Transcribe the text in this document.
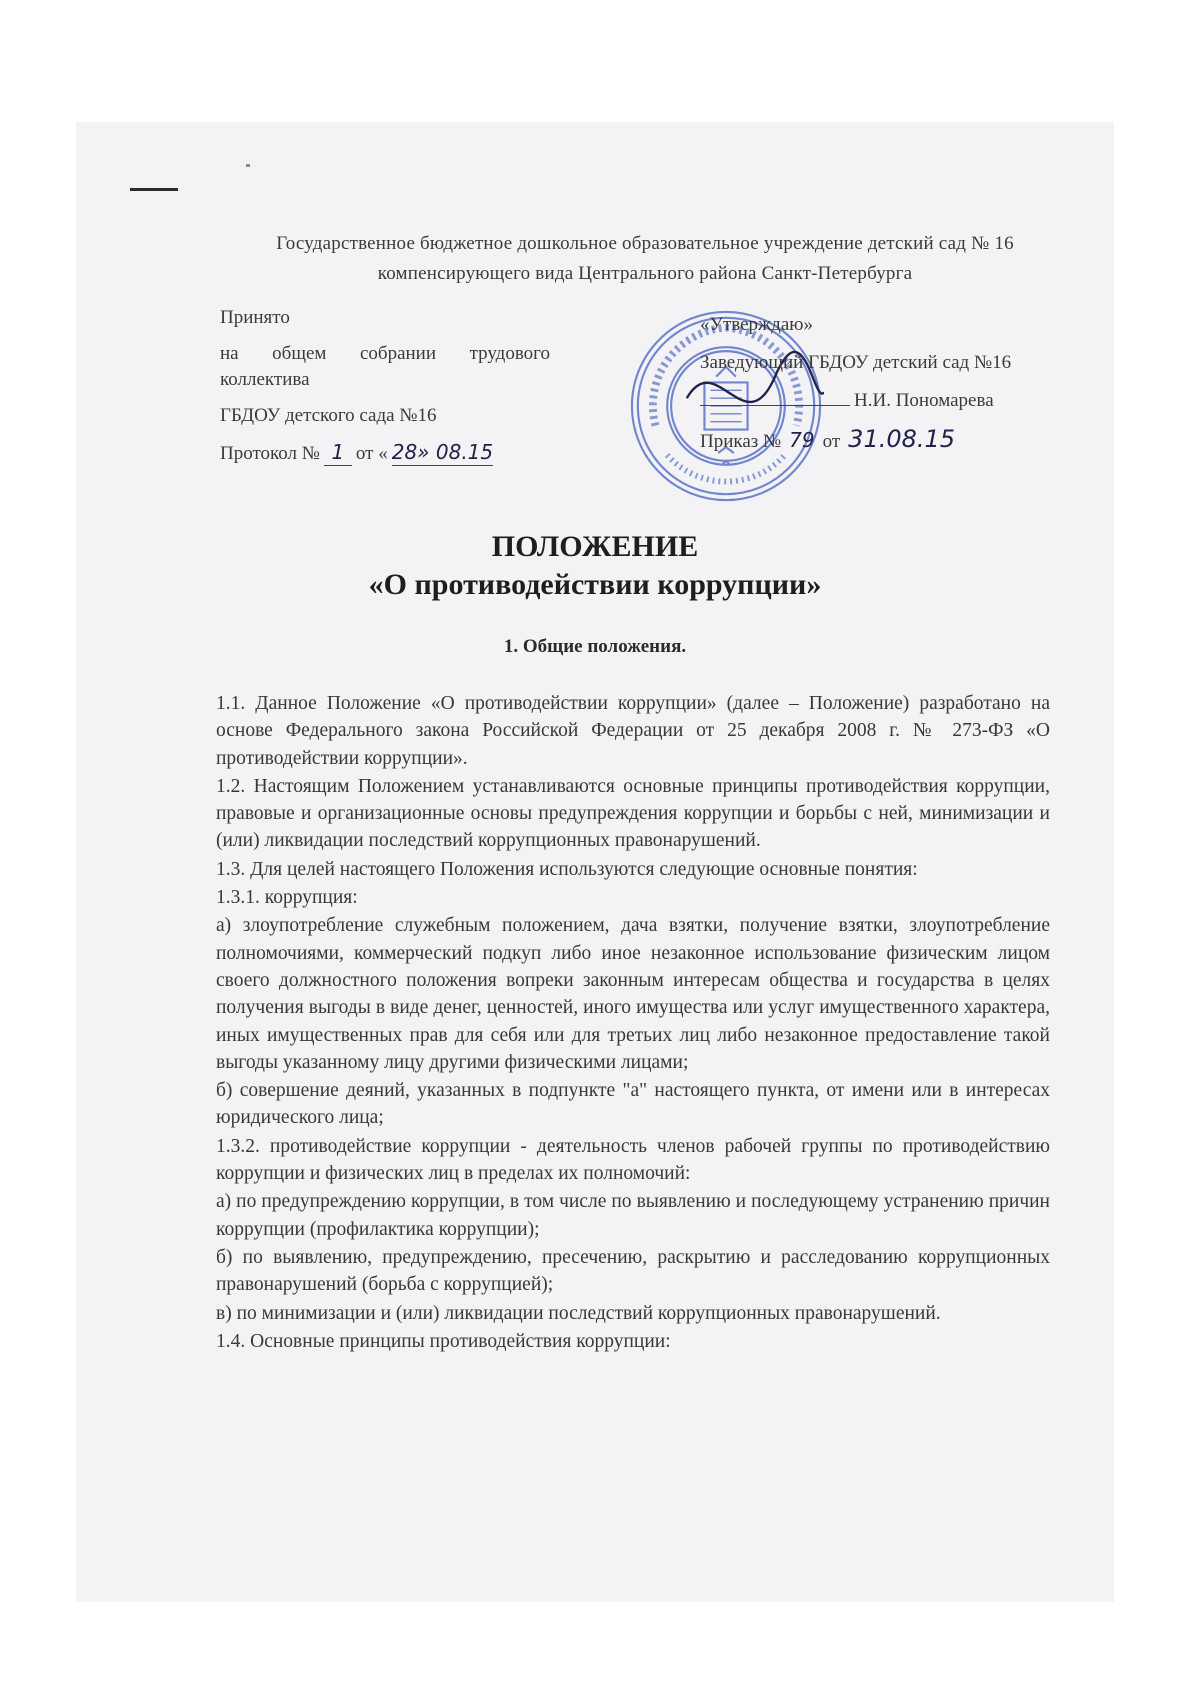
Государственное бюджетное дошкольное образовательное учреждение детский сад № 16
компенсирующего вида Центрального района Санкт-Петербурга
Принято
на общем собрании трудового
коллектива
ГБДОУ детского сада №16
Протокол № 1 от « 28» 08.15
«Утверждаю»
Заведующий ГБДОУ детский сад №16
Н.И. Пономарева
Приказ № 79 от 31.08.15
ПОЛОЖЕНИЕ
«О противодействии коррупции»
1. Общие положения.

1.1. Данное Положение «О противодействии коррупции» (далее – Положение) разработано на основе Федерального закона Российской Федерации от 25 декабря 2008 г. № 273-ФЗ «О противодействии коррупции».

1.2. Настоящим Положением устанавливаются основные принципы противодействия коррупции, правовые и организационные основы предупреждения коррупции и борьбы с ней, минимизации и (или) ликвидации последствий коррупционных правонарушений.

1.3. Для целей настоящего Положения используются следующие основные понятия:

1.3.1. коррупция:

а) злоупотребление служебным положением, дача взятки, получение взятки, злоупотребление полномочиями, коммерческий подкуп либо иное незаконное использование физическим лицом своего должностного положения вопреки законным интересам общества и государства в целях получения выгоды в виде денег, ценностей, иного имущества или услуг имущественного характера, иных имущественных прав для себя или для третьих лиц либо незаконное предоставление такой выгоды указанному лицу другими физическими лицами;

б) совершение деяний, указанных в подпункте "а" настоящего пункта, от имени или в интересах юридического лица;

1.3.2. противодействие коррупции - деятельность членов рабочей группы по противодействию коррупции и физических лиц в пределах их полномочий:

а) по предупреждению коррупции, в том числе по выявлению и последующему устранению причин коррупции (профилактика коррупции);

б) по выявлению, предупреждению, пресечению, раскрытию и расследованию коррупционных правонарушений (борьба с коррупцией);

в) по минимизации и (или) ликвидации последствий коррупционных правонарушений.

1.4. Основные принципы противодействия коррупции:
